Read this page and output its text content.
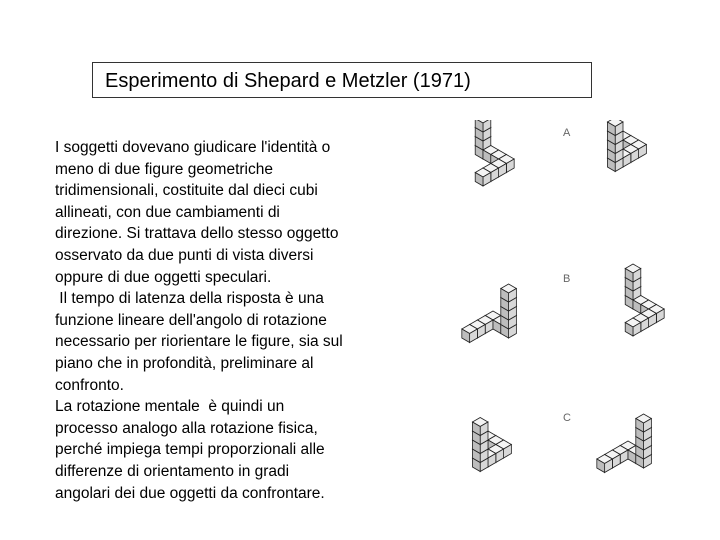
Esperimento di Shepard e Metzler (1971)
I soggetti dovevano giudicare l'identità o
meno di due figure geometriche
tridimensionali, costituite dal dieci cubi
allineati, con due cambiamenti di
direzione. Si trattava dello stesso oggetto
osservato da due punti di vista diversi
oppure di due oggetti speculari.
Il tempo di latenza della risposta è una
funzione lineare dell'angolo di rotazione
necessario per riorientare le figure, sia sul
piano che in profondità, preliminare al
confronto.
La rotazione mentale  è quindi un
processo analogo alla rotazione fisica,
perché impiega tempi proporzionali alle
differenze di orientamento in gradi
angolari dei due oggetti da confrontare.
A
B
C
